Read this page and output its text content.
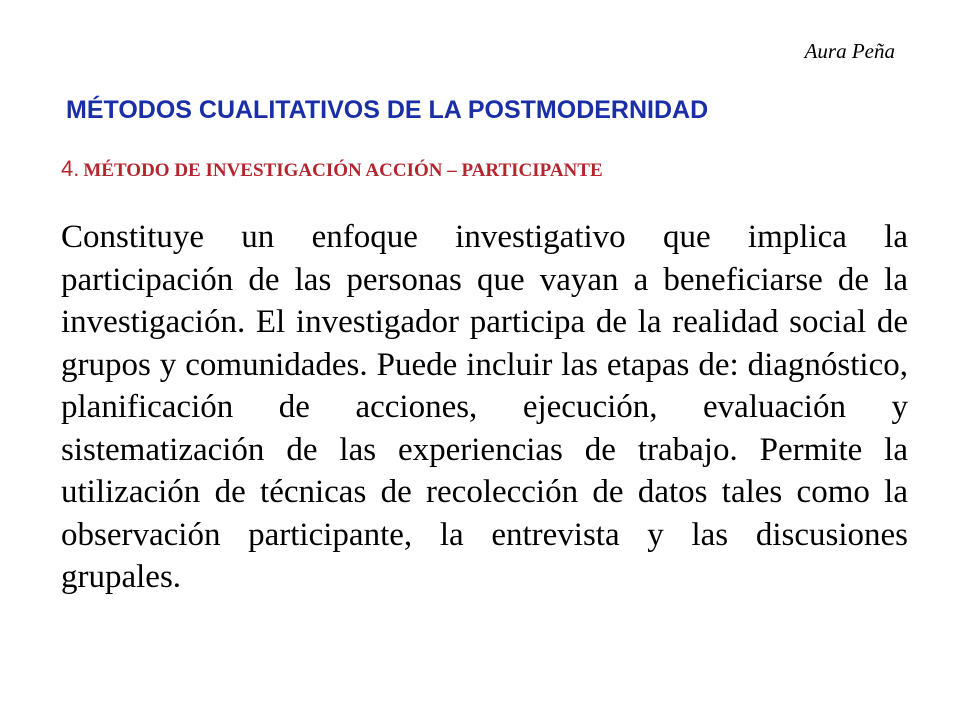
Aura Peña
MÉTODOS CUALITATIVOS DE LA POSTMODERNIDAD
4. MÉTODO DE INVESTIGACIÓN ACCIÓN – PARTICIPANTE

Constituye un enfoque investigativo que implica la participación de las personas que vayan a beneficiarse de la investigación. El investigador participa de la realidad social de grupos y comunidades. Puede incluir las etapas de: diagnóstico, planificación de acciones, ejecución, evaluación y sistematización de las experiencias de trabajo. Permite la utilización de técnicas de recolección de datos tales como la observación participante, la entrevista y las discusiones grupales.
